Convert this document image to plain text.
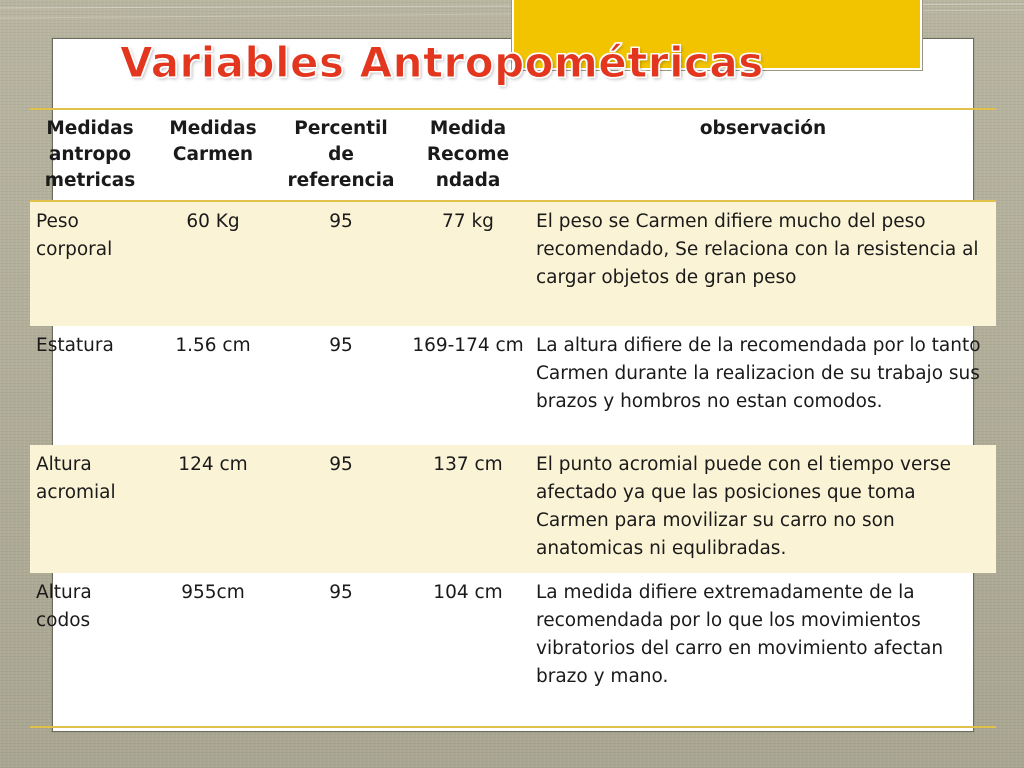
Variables Antropométricas
Medidas antropo metricas	Medidas Carmen	Percentil de referencia	Medida Recome ndada	observación
Peso corporal	60 Kg	95	77 kg	El peso se Carmen difiere mucho del peso recomendado, Se relaciona con la resistencia al cargar objetos de gran peso
Estatura	1.56 cm	95	169-174 cm	La altura difiere de la recomendada por lo tanto Carmen durante la realizacion de su trabajo sus brazos y hombros no estan comodos.
Altura acromial	124 cm	95	137 cm	El punto acromial puede con el tiempo verse afectado ya que las posiciones que toma Carmen para movilizar su carro no son anatomicas ni equlibradas.
Altura codos	955cm	95	104 cm	La medida difiere extremadamente de la recomendada por lo que los movimientos vibratorios del carro en movimiento afectan brazo y mano.
